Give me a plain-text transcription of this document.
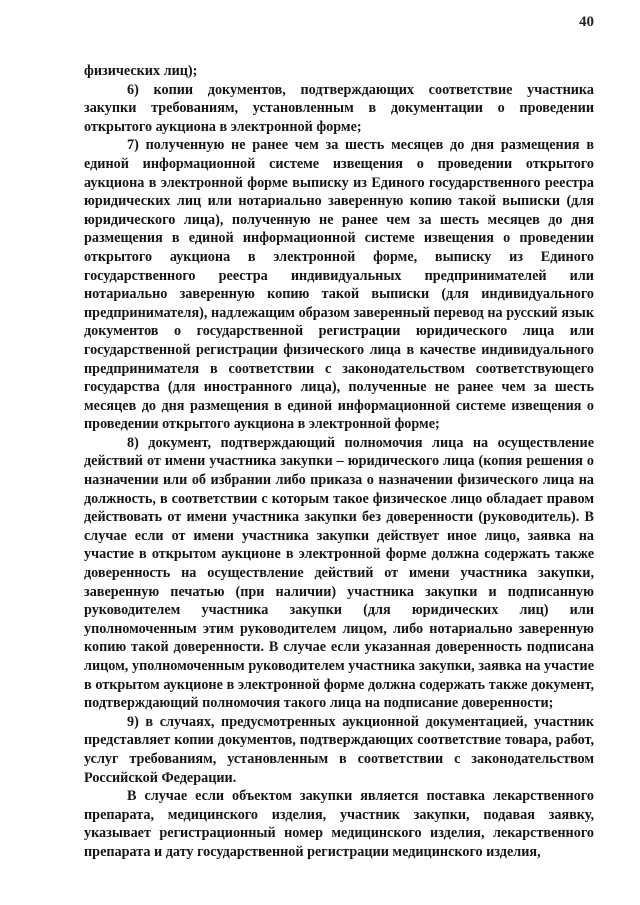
40

физических лиц);

6) копии документов, подтверждающих соответствие участника закупки требованиям, установленным в документации о проведении открытого аукциона в электронной форме;

7) полученную не ранее чем за шесть месяцев до дня размещения в единой информационной системе извещения о проведении открытого аукциона в электронной форме выписку из Единого государственного реестра юридических лиц или нотариально заверенную копию такой выписки (для юридического лица), полученную не ранее чем за шесть месяцев до дня размещения в единой информационной системе извещения о проведении открытого аукциона в электронной форме, выписку из Единого государственного реестра индивидуальных предпринимателей или нотариально заверенную копию такой выписки (для индивидуального предпринимателя), надлежащим образом заверенный перевод на русский язык документов о государственной регистрации юридического лица или государственной регистрации физического лица в качестве индивидуального предпринимателя в соответствии с законодательством соответствующего государства (для иностранного лица), полученные не ранее чем за шесть месяцев до дня размещения в единой информационной системе извещения о проведении открытого аукциона в электронной форме;

8) документ, подтверждающий полномочия лица на осуществление действий от имени участника закупки – юридического лица (копия решения о назначении или об избрании либо приказа о назначении физического лица на должность, в соответствии с которым такое физическое лицо обладает правом действовать от имени участника закупки без доверенности (руководитель). В случае если от имени участника закупки действует иное лицо, заявка на участие в открытом аукционе в электронной форме должна содержать также доверенность на осуществление действий от имени участника закупки, заверенную печатью (при наличии) участника закупки и подписанную руководителем участника закупки (для юридических лиц) или уполномоченным этим руководителем лицом, либо нотариально заверенную копию такой доверенности. В случае если указанная доверенность подписана лицом, уполномоченным руководителем участника закупки, заявка на участие в открытом аукционе в электронной форме должна содержать также документ, подтверждающий полномочия такого лица на подписание доверенности;

9) в случаях, предусмотренных аукционной документацией, участник представляет копии документов, подтверждающих соответствие товара, работ, услуг требованиям, установленным в соответствии с законодательством Российской Федерации.

В случае если объектом закупки является поставка лекарственного препарата, медицинского изделия, участник закупки, подавая заявку, указывает регистрационный номер медицинского изделия, лекарственного препарата и дату государственной регистрации медицинского изделия,
